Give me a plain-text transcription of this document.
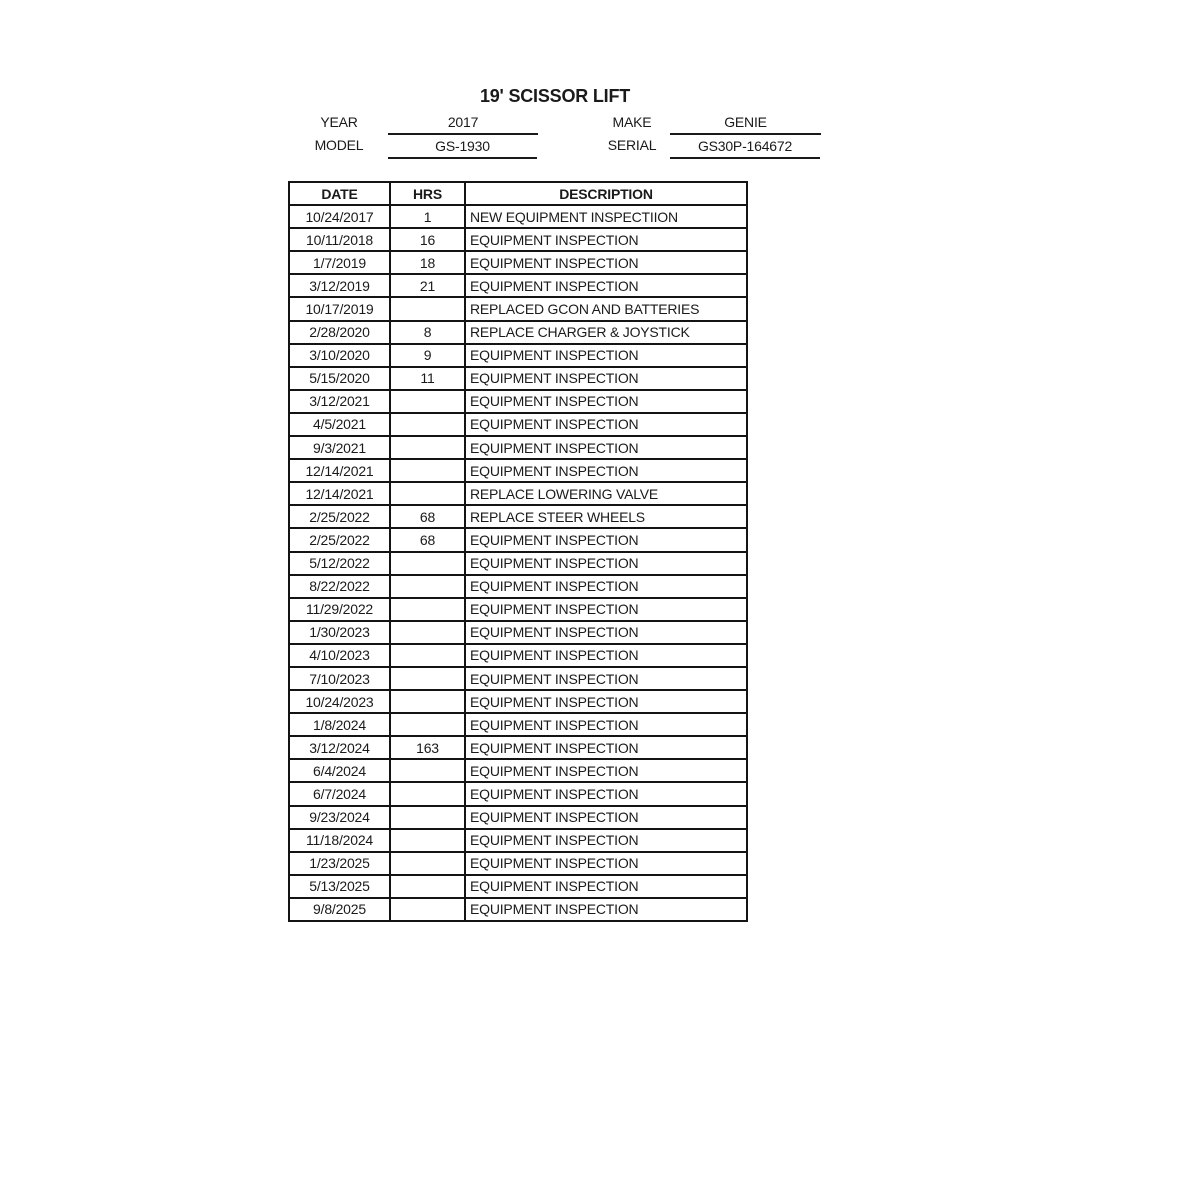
19' SCISSOR LIFT
YEAR	2017	MAKE	GENIE
MODEL	GS-1930	SERIAL	GS30P-164672
DATE	HRS	DESCRIPTION
10/24/2017	1	NEW EQUIPMENT INSPECTIION
10/11/2018	16	EQUIPMENT INSPECTION
1/7/2019	18	EQUIPMENT INSPECTION
3/12/2019	21	EQUIPMENT INSPECTION
10/17/2019		REPLACED GCON AND BATTERIES
2/28/2020	8	REPLACE CHARGER & JOYSTICK
3/10/2020	9	EQUIPMENT INSPECTION
5/15/2020	11	EQUIPMENT INSPECTION
3/12/2021		EQUIPMENT INSPECTION
4/5/2021		EQUIPMENT INSPECTION
9/3/2021		EQUIPMENT INSPECTION
12/14/2021		EQUIPMENT INSPECTION
12/14/2021		REPLACE LOWERING VALVE
2/25/2022	68	REPLACE STEER WHEELS
2/25/2022	68	EQUIPMENT INSPECTION
5/12/2022		EQUIPMENT INSPECTION
8/22/2022		EQUIPMENT INSPECTION
11/29/2022		EQUIPMENT INSPECTION
1/30/2023		EQUIPMENT INSPECTION
4/10/2023		EQUIPMENT INSPECTION
7/10/2023		EQUIPMENT INSPECTION
10/24/2023		EQUIPMENT INSPECTION
1/8/2024		EQUIPMENT INSPECTION
3/12/2024	163	EQUIPMENT INSPECTION
6/4/2024		EQUIPMENT INSPECTION
6/7/2024		EQUIPMENT INSPECTION
9/23/2024		EQUIPMENT INSPECTION
11/18/2024		EQUIPMENT INSPECTION
1/23/2025		EQUIPMENT INSPECTION
5/13/2025		EQUIPMENT INSPECTION
9/8/2025		EQUIPMENT INSPECTION
